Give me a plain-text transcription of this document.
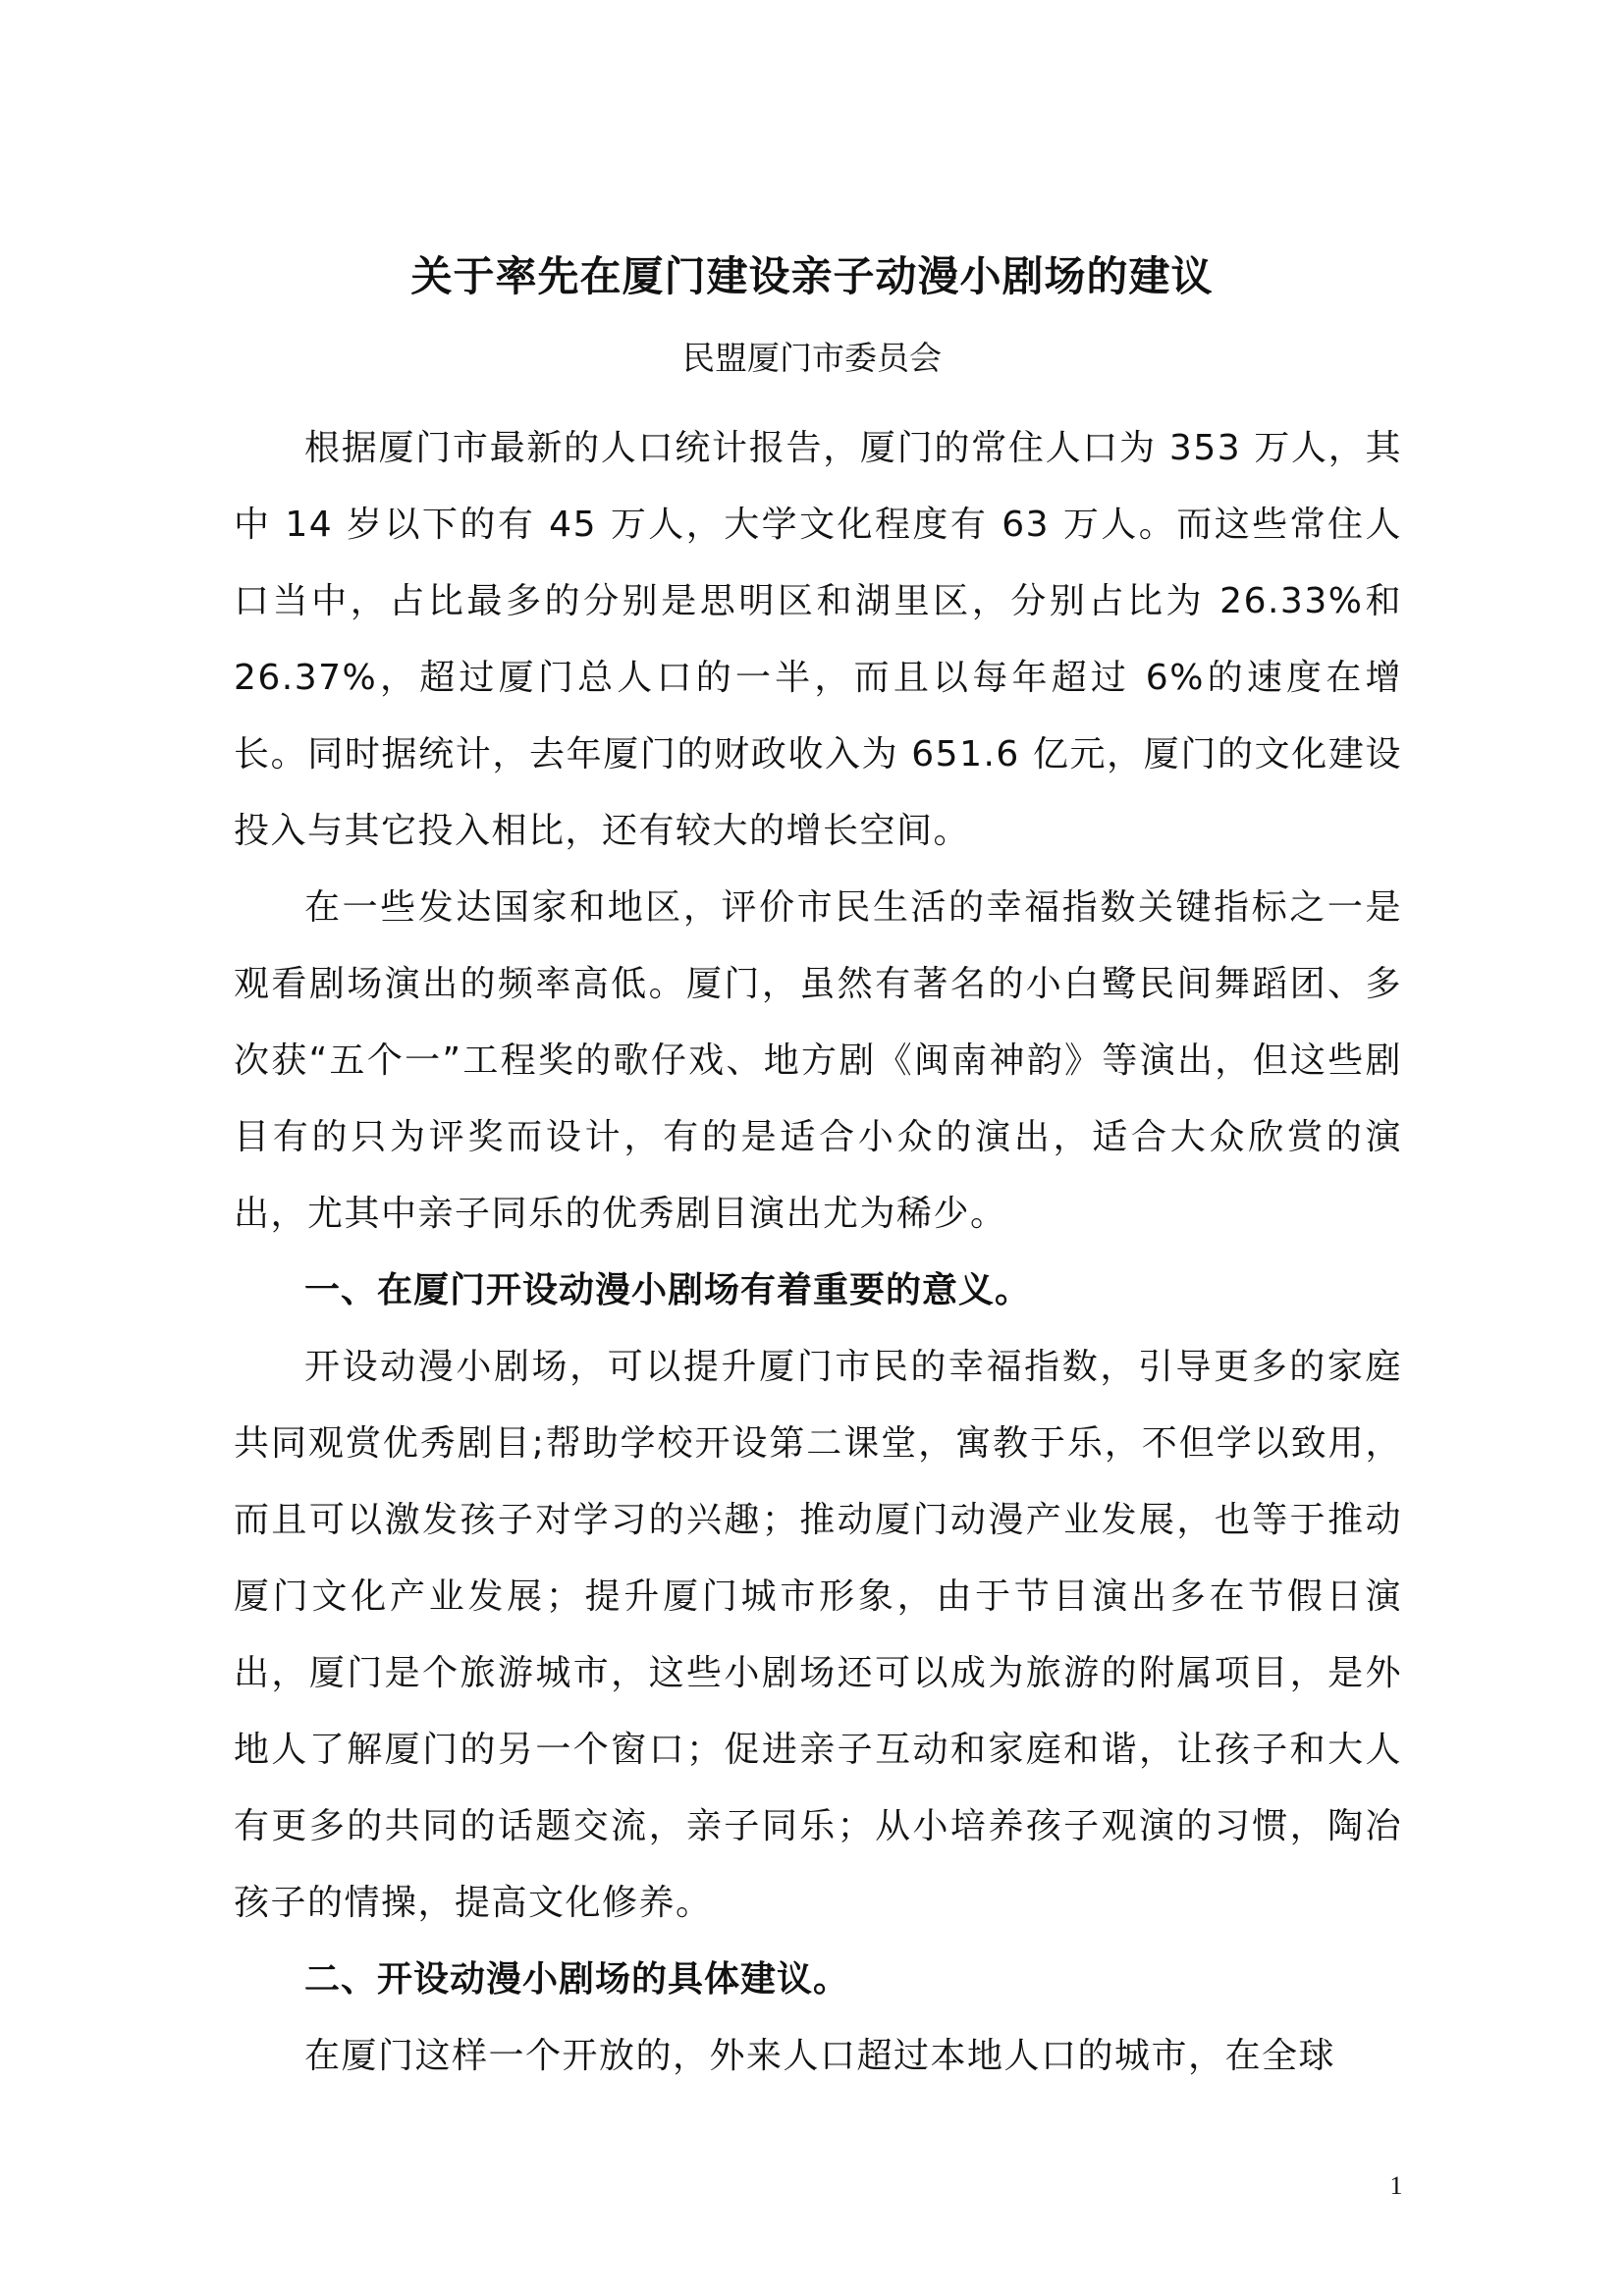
关于率先在厦门建设亲子动漫小剧场的建议
民盟厦门市委员会

根据厦门市最新的人口统计报告，厦门的常住人口为 353 万人，其中 14 岁以下的有 45 万人，大学文化程度有 63 万人。而这些常住人口当中，占比最多的分别是思明区和湖里区，分别占比为 26.33%和 26.37%，超过厦门总人口的一半，而且以每年超过 6%的速度在增长。同时据统计，去年厦门的财政收入为 651.6 亿元，厦门的文化建设投入与其它投入相比，还有较大的增长空间。

在一些发达国家和地区，评价市民生活的幸福指数关键指标之一是观看剧场演出的频率高低。厦门，虽然有著名的小白鹭民间舞蹈团、多次获“五个一”工程奖的歌仔戏、地方剧《闽南神韵》等演出，但这些剧目有的只为评奖而设计，有的是适合小众的演出，适合大众欣赏的演出，尤其中亲子同乐的优秀剧目演出尤为稀少。

一、在厦门开设动漫小剧场有着重要的意义。

开设动漫小剧场，可以提升厦门市民的幸福指数，引导更多的家庭共同观赏优秀剧目;帮助学校开设第二课堂，寓教于乐，不但学以致用，而且可以激发孩子对学习的兴趣；推动厦门动漫产业发展，也等于推动厦门文化产业发展；提升厦门城市形象，由于节目演出多在节假日演出，厦门是个旅游城市，这些小剧场还可以成为旅游的附属项目，是外地人了解厦门的另一个窗口；促进亲子互动和家庭和谐，让孩子和大人有更多的共同的话题交流，亲子同乐；从小培养孩子观演的习惯，陶冶孩子的情操，提高文化修养。

二、开设动漫小剧场的具体建议。

在厦门这样一个开放的，外来人口超过本地人口的城市，在全球

1
